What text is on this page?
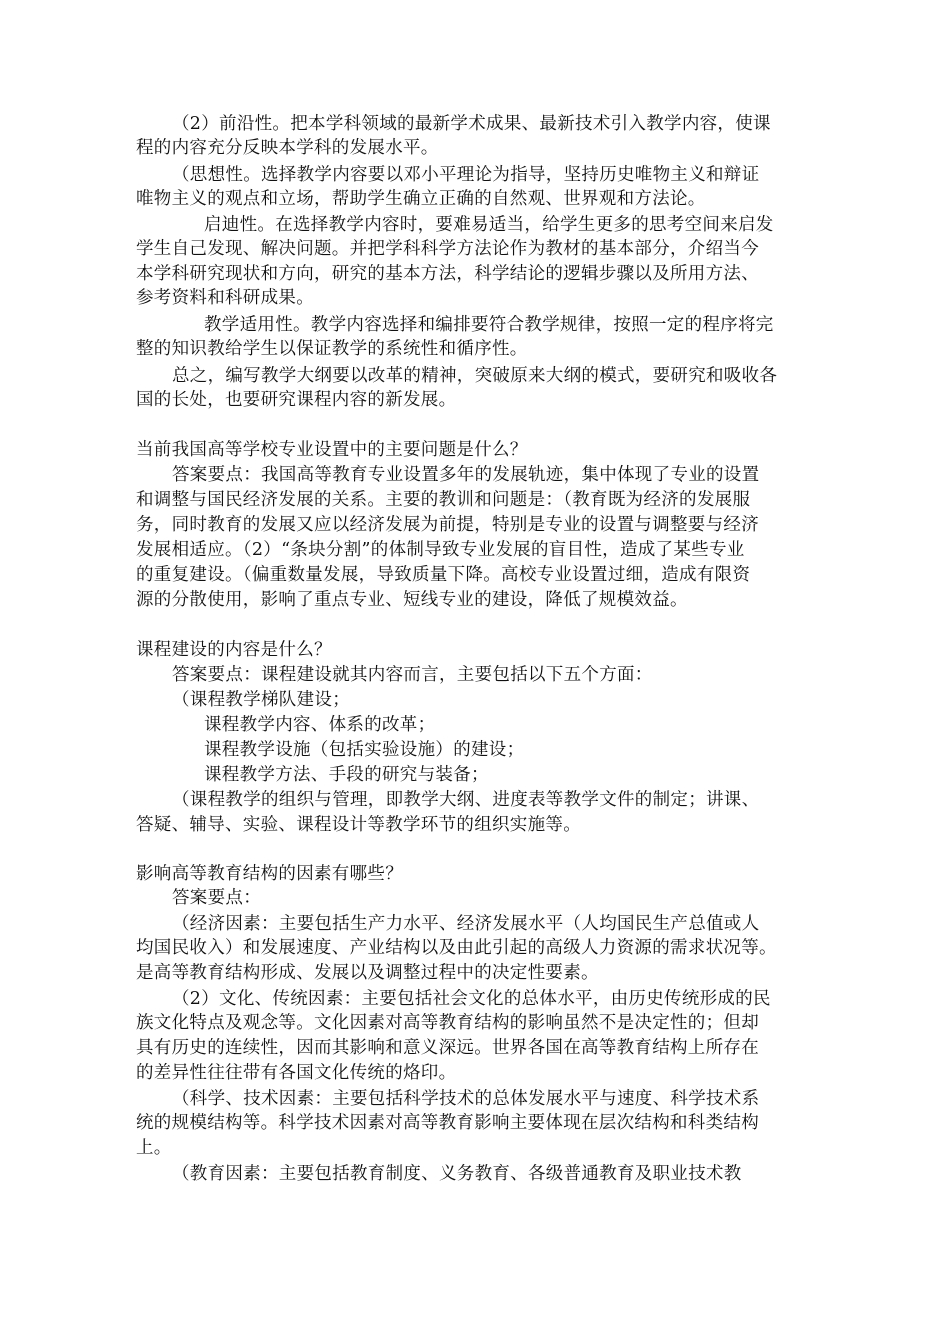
（2）前沿性。把本学科领域的最新学术成果、最新技术引入教学内容，使课
程的内容充分反映本学科的发展水平。
（思想性。选择教学内容要以邓小平理论为指导，坚持历史唯物主义和辩证
唯物主义的观点和立场，帮助学生确立正确的自然观、世界观和方法论。
启迪性。在选择教学内容时，要难易适当，给学生更多的思考空间来启发
学生自己发现、解决问题。并把学科科学方法论作为教材的基本部分，介绍当今
本学科研究现状和方向，研究的基本方法，科学结论的逻辑步骤以及所用方法、
参考资料和科研成果。
教学适用性。教学内容选择和编排要符合教学规律，按照一定的程序将完
整的知识教给学生以保证教学的系统性和循序性。
总之，编写教学大纲要以改革的精神，突破原来大纲的模式，要研究和吸收各
国的长处，也要研究课程内容的新发展。
当前我国高等学校专业设置中的主要问题是什么？
答案要点：我国高等教育专业设置多年的发展轨迹，集中体现了专业的设置
和调整与国民经济发展的关系。主要的教训和问题是：（教育既为经济的发展服
务，同时教育的发展又应以经济发展为前提，特别是专业的设置与调整要与经济
发展相适应。（2）“条块分割”的体制导致专业发展的盲目性，造成了某些专业
的重复建设。（偏重数量发展，导致质量下降。高校专业设置过细，造成有限资
源的分散使用，影响了重点专业、短线专业的建设，降低了规模效益。
课程建设的内容是什么？
答案要点：课程建设就其内容而言，主要包括以下五个方面：
（课程教学梯队建设；
课程教学内容、体系的改革；
课程教学设施（包括实验设施）的建设；
课程教学方法、手段的研究与装备；
（课程教学的组织与管理，即教学大纲、进度表等教学文件的制定；讲课、
答疑、辅导、实验、课程设计等教学环节的组织实施等。
影响高等教育结构的因素有哪些？
答案要点：
（经济因素：主要包括生产力水平、经济发展水平（人均国民生产总值或人
均国民收入）和发展速度、产业结构以及由此引起的高级人力资源的需求状况等。
是高等教育结构形成、发展以及调整过程中的决定性要素。
（2）文化、传统因素：主要包括社会文化的总体水平，由历史传统形成的民
族文化特点及观念等。文化因素对高等教育结构的影响虽然不是决定性的；但却
具有历史的连续性，因而其影响和意义深远。世界各国在高等教育结构上所存在
的差异性往往带有各国文化传统的烙印。
（科学、技术因素：主要包括科学技术的总体发展水平与速度、科学技术系
统的规模结构等。科学技术因素对高等教育影响主要体现在层次结构和科类结构
上。
（教育因素：主要包括教育制度、义务教育、各级普通教育及职业技术教
